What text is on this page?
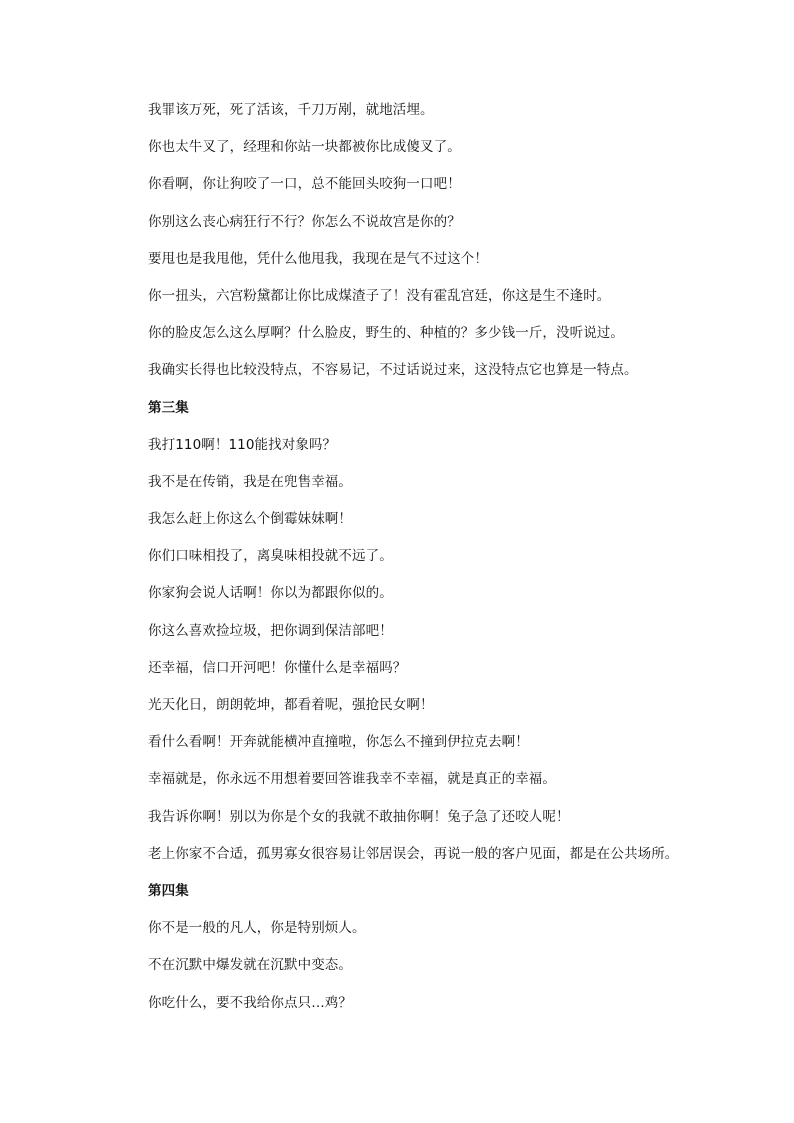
我罪该万死，死了活该，千刀万剐，就地活埋。
你也太牛叉了，经理和你站一块都被你比成傻叉了。
你看啊，你让狗咬了一口，总不能回头咬狗一口吧！
你别这么丧心病狂行不行？你怎么不说故宫是你的？
要甩也是我甩他，凭什么他甩我，我现在是气不过这个！
你一扭头，六宫粉黛都让你比成煤渣子了！没有霍乱宫廷，你这是生不逢时。
你的脸皮怎么这么厚啊？什么脸皮，野生的、种植的？多少钱一斤，没听说过。
我确实长得也比较没特点，不容易记，不过话说过来，这没特点它也算是一特点。
第三集
我打110啊！110能找对象吗？
我不是在传销，我是在兜售幸福。
我怎么赶上你这么个倒霉妹妹啊！
你们口味相投了，离臭味相投就不远了。
你家狗会说人话啊！你以为都跟你似的。
你这么喜欢捡垃圾，把你调到保洁部吧！
还幸福，信口开河吧！你懂什么是幸福吗？
光天化日，朗朗乾坤，都看着呢，强抢民女啊！
看什么看啊！开奔就能横冲直撞啦，你怎么不撞到伊拉克去啊！
幸福就是，你永远不用想着要回答谁我幸不幸福，就是真正的幸福。
我告诉你啊！别以为你是个女的我就不敢抽你啊！兔子急了还咬人呢！
老上你家不合适，孤男寡女很容易让邻居误会，再说一般的客户见面，都是在公共场所。
第四集
你不是一般的凡人，你是特别烦人。
不在沉默中爆发就在沉默中变态。
你吃什么，要不我给你点只…鸡？
